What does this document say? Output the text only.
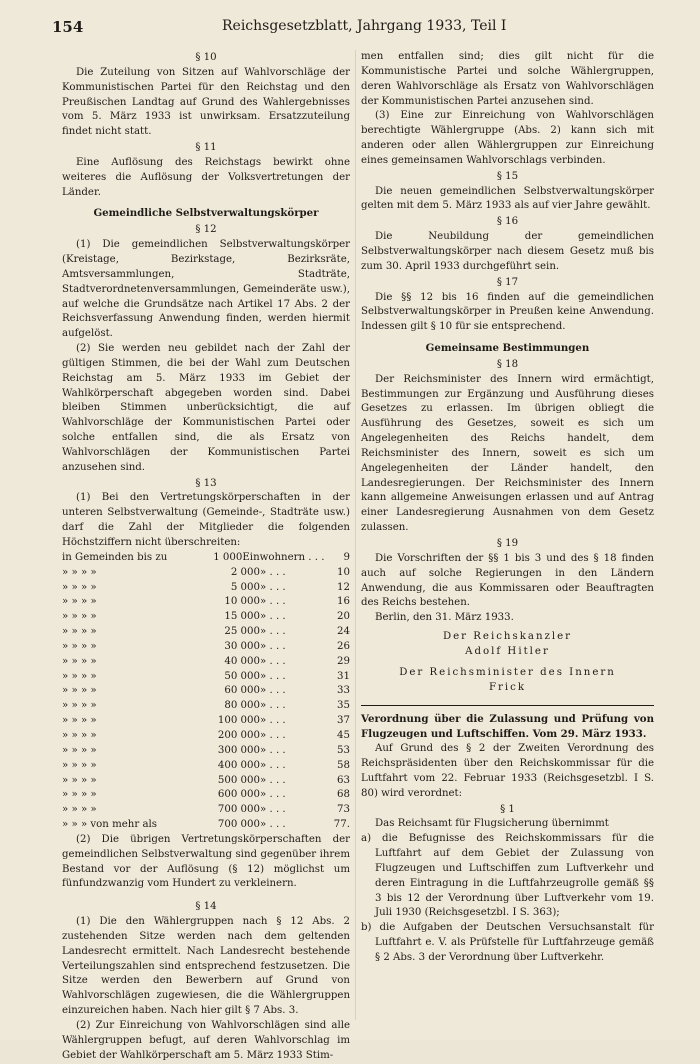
154	Reichsgesetzblatt, Jahrgang 1933, Teil I

§ 10

Die Zuteilung von Sitzen auf Wahlvorschläge der Kommunistischen Partei für den Reichstag und den Preußischen Landtag auf Grund des Wahlergebnisses vom 5. März 1933 ist unwirksam. Ersatzzuteilung findet nicht statt.

§ 11

Eine Auflösung des Reichstags bewirkt ohne weiteres die Auflösung der Volksvertretungen der Länder.

Gemeindliche Selbstverwaltungskörper

§ 12

(1) Die gemeindlichen Selbstverwaltungskörper (Kreistage, Bezirkstage, Bezirksräte, Amtsversammlungen, Stadträte, Stadtverordnetenversammlungen, Gemeinderäte usw.), auf welche die Grundsätze nach Artikel 17 Abs. 2 der Reichsverfassung Anwendung finden, werden hiermit aufgelöst.

(2) Sie werden neu gebildet nach der Zahl der gültigen Stimmen, die bei der Wahl zum Deutschen Reichstag am 5. März 1933 im Gebiet der Wahlkörperschaft abgegeben worden sind. Dabei bleiben Stimmen unberücksichtigt, die auf Wahlvorschläge der Kommunistischen Partei oder solche entfallen sind, die als Ersatz von Wahlvorschlägen der Kommunistischen Partei anzusehen sind.

§ 13

(1) Bei den Vertretungskörperschaften in der unteren Selbstverwaltung (Gemeinde-, Stadträte usw.) darf die Zahl der Mitglieder die folgenden Höchstziffern nicht überschreiten:

in Gemeinden bis zu	1 000 Einwohnern . . .	9
» » » »	2 000 » . . .	10
» » » »	5 000 » . . .	12
» » » »	10 000 » . . .	16
» » » »	15 000 » . . .	20
» » » »	25 000 » . . .	24
» » » »	30 000 » . . .	26
» » » »	40 000 » . . .	29
» » » »	50 000 » . . .	31
» » » »	60 000 » . . .	33
» » » »	80 000 » . . .	35
» » » »	100 000 » . . .	37
» » » »	200 000 » . . .	45
» » » »	300 000 » . . .	53
» » » »	400 000 » . . .	58
» » » »	500 000 » . . .	63
» » » »	600 000 » . . .	68
» » » »	700 000 » . . .	73
» » » von mehr als	700 000 » . . .	77.

(2) Die übrigen Vertretungskörperschaften der gemeindlichen Selbstverwaltung sind gegenüber ihrem Bestand vor der Auflösung (§ 12) möglichst um fünfundzwanzig vom Hundert zu verkleinern.

§ 14

(1) Die den Wählergruppen nach § 12 Abs. 2 zustehenden Sitze werden nach dem geltenden Landesrecht ermittelt. Nach Landesrecht bestehende Verteilungszahlen sind entsprechend festzusetzen. Die Sitze werden den Bewerbern auf Grund von Wahlvorschlägen zugewiesen, die die Wählergruppen einzureichen haben. Nach hier gilt § 7 Abs. 3.

(2) Zur Einreichung von Wahlvorschlägen sind alle Wählergruppen befugt, auf deren Wahlvorschlag im Gebiet der Wahlkörperschaft am 5. März 1933 Stim-

men entfallen sind; dies gilt nicht für die Kommunistische Partei und solche Wählergruppen, deren Wahlvorschläge als Ersatz von Wahlvorschlägen der Kommunistischen Partei anzusehen sind.

(3) Eine zur Einreichung von Wahlvorschlägen berechtigte Wählergruppe (Abs. 2) kann sich mit anderen oder allen Wählergruppen zur Einreichung eines gemeinsamen Wahlvorschlags verbinden.

§ 15

Die neuen gemeindlichen Selbstverwaltungskörper gelten mit dem 5. März 1933 als auf vier Jahre gewählt.

§ 16

Die Neubildung der gemeindlichen Selbstverwaltungskörper nach diesem Gesetz muß bis zum 30. April 1933 durchgeführt sein.

§ 17

Die §§ 12 bis 16 finden auf die gemeindlichen Selbstverwaltungskörper in Preußen keine Anwendung. Indessen gilt § 10 für sie entsprechend.

Gemeinsame Bestimmungen

§ 18

Der Reichsminister des Innern wird ermächtigt, Bestimmungen zur Ergänzung und Ausführung dieses Gesetzes zu erlassen. Im übrigen obliegt die Ausführung des Gesetzes, soweit es sich um Angelegenheiten des Reichs handelt, dem Reichsminister des Innern, soweit es sich um Angelegenheiten der Länder handelt, den Landesregierungen. Der Reichsminister des Innern kann allgemeine Anweisungen erlassen und auf Antrag einer Landesregierung Ausnahmen von dem Gesetz zulassen.

§ 19

Die Vorschriften der §§ 1 bis 3 und des § 18 finden auch auf solche Regierungen in den Ländern Anwendung, die aus Kommissaren oder Beauftragten des Reichs bestehen.

Berlin, den 31. März 1933.

Der Reichskanzler

Adolf Hitler

Der Reichsminister des Innern

Frick

Verordnung über die Zulassung und Prüfung von Flugzeugen und Luftschiffen. Vom 29. März 1933.

Auf Grund des § 2 der Zweiten Verordnung des Reichspräsidenten über den Reichskommissar für die Luftfahrt vom 22. Februar 1933 (Reichsgesetzbl. I S. 80) wird verordnet:

§ 1

Das Reichsamt für Flugsicherung übernimmt

a) die Befugnisse des Reichskommissars für die Luftfahrt auf dem Gebiet der Zulassung von Flugzeugen und Luftschiffen zum Luftverkehr und deren Eintragung in die Luftfahrzeugrolle gemäß §§ 3 bis 12 der Verordnung über Luftverkehr vom 19. Juli 1930 (Reichsgesetzbl. I S. 363);

b) die Aufgaben der Deutschen Versuchsanstalt für Luftfahrt e. V. als Prüfstelle für Luftfahrzeuge gemäß § 2 Abs. 3 der Verordnung über Luftverkehr.
